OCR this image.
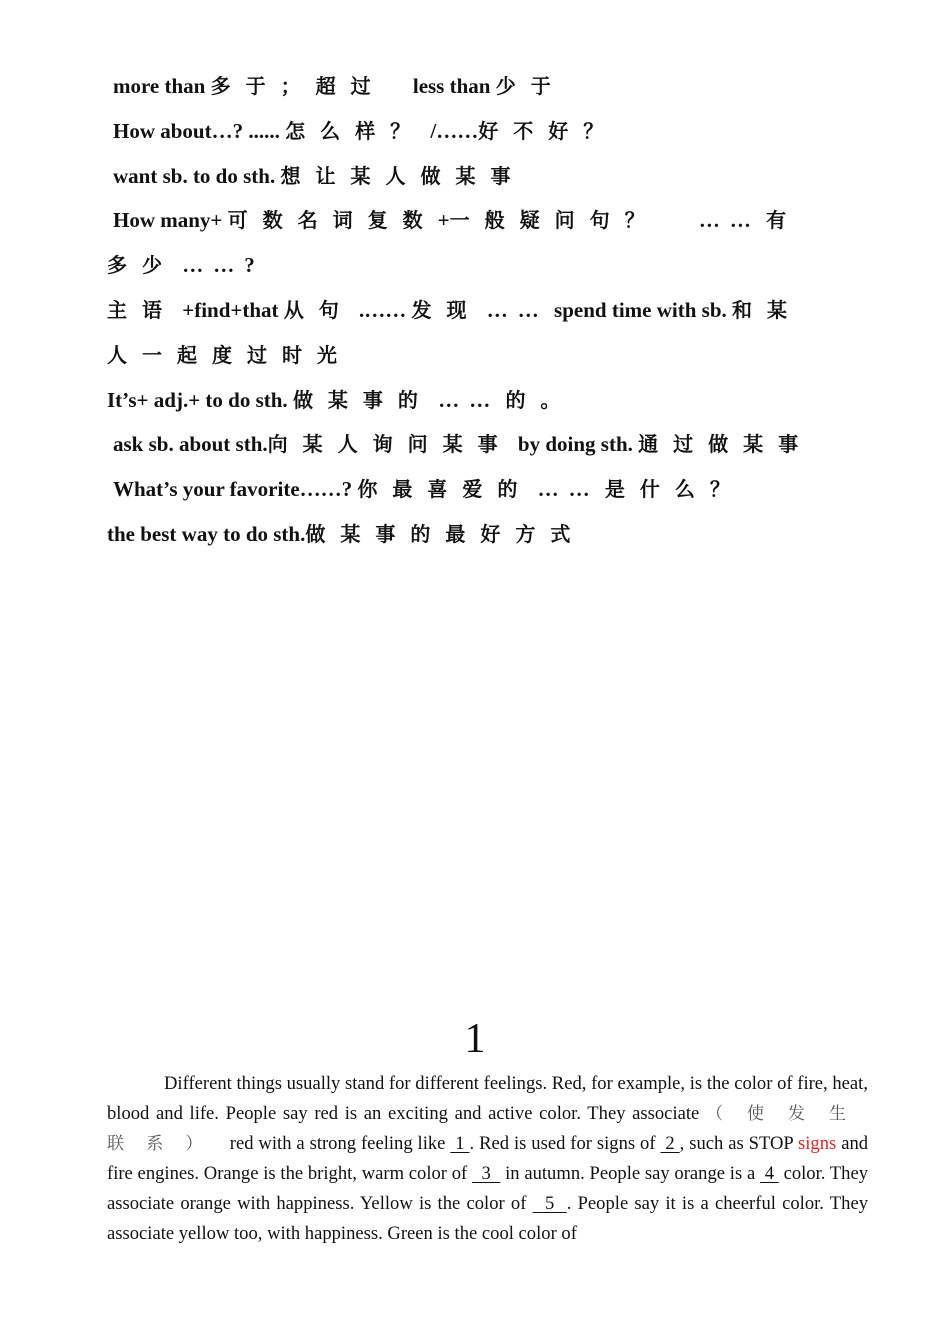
more than 多于；超过 less than 少于
How about…? ...... 怎么样？ /……好不好？
want sb. to do sth. 想让某人做某事
How many+ 可数名词复数+一般疑问句？ …… 有
多少 ……?
主语 +find+that 从句 .…… 发现 …… spend time with sb. 和某
人一起度过时光
It’s+ adj.+ to do sth. 做某事的 …… 的。
ask sb. about sth.向某人询问某事 by doing sth. 通过做某事
What’s your favorite……? 你最喜爱的 …… 是什么？
the best way to do sth.做某事的最好方式
1
Different things usually stand for different feelings. Red, for example, is the color of fire, heat, blood and life. People say red is an exciting and active color. They associate （使发生联系） red with a strong feeling like  1 . Red is used for signs of  2 , such as STOP signs and fire engines. Orange is the bright, warm color of   3   in autumn. People say orange is a  4  color. They associate orange with happiness. Yellow is the color of   5  . People say it is a cheerful color. They associate yellow too, with happiness. Green is the cool color of
